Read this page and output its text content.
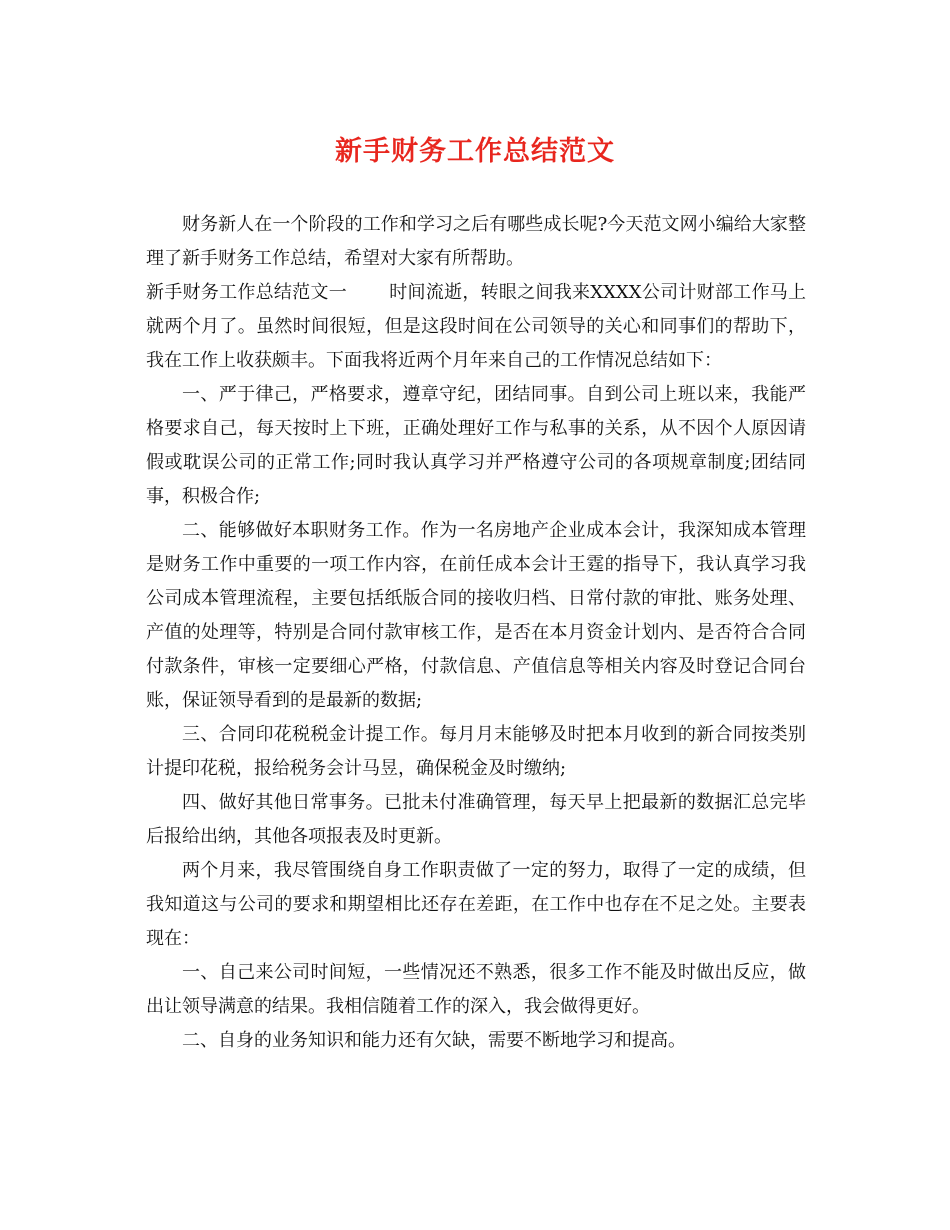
新手财务工作总结范文

财务新人在一个阶段的工作和学习之后有哪些成长呢?今天范文网小编给大家整理了新手财务工作总结，希望对大家有所帮助。

新手财务工作总结范文一 时间流逝，转眼之间我来XXXX公司计财部工作马上就两个月了。虽然时间很短，但是这段时间在公司领导的关心和同事们的帮助下，我在工作上收获颇丰。下面我将近两个月年来自己的工作情况总结如下：

一、严于律己，严格要求，遵章守纪，团结同事。自到公司上班以来，我能严格要求自己，每天按时上下班，正确处理好工作与私事的关系，从不因个人原因请假或耽误公司的正常工作;同时我认真学习并严格遵守公司的各项规章制度;团结同事，积极合作;

二、能够做好本职财务工作。作为一名房地产企业成本会计，我深知成本管理是财务工作中重要的一项工作内容，在前任成本会计王霆的指导下，我认真学习我公司成本管理流程，主要包括纸版合同的接收归档、日常付款的审批、账务处理、产值的处理等，特别是合同付款审核工作，是否在本月资金计划内、是否符合合同付款条件，审核一定要细心严格，付款信息、产值信息等相关内容及时登记合同台账，保证领导看到的是最新的数据;

三、合同印花税税金计提工作。每月月末能够及时把本月收到的新合同按类别计提印花税，报给税务会计马昱，确保税金及时缴纳;

四、做好其他日常事务。已批未付准确管理，每天早上把最新的数据汇总完毕后报给出纳，其他各项报表及时更新。

两个月来，我尽管围绕自身工作职责做了一定的努力，取得了一定的成绩，但我知道这与公司的要求和期望相比还存在差距，在工作中也存在不足之处。主要表现在：

一、自己来公司时间短，一些情况还不熟悉，很多工作不能及时做出反应，做出让领导满意的结果。我相信随着工作的深入，我会做得更好。

二、自身的业务知识和能力还有欠缺，需要不断地学习和提高。
